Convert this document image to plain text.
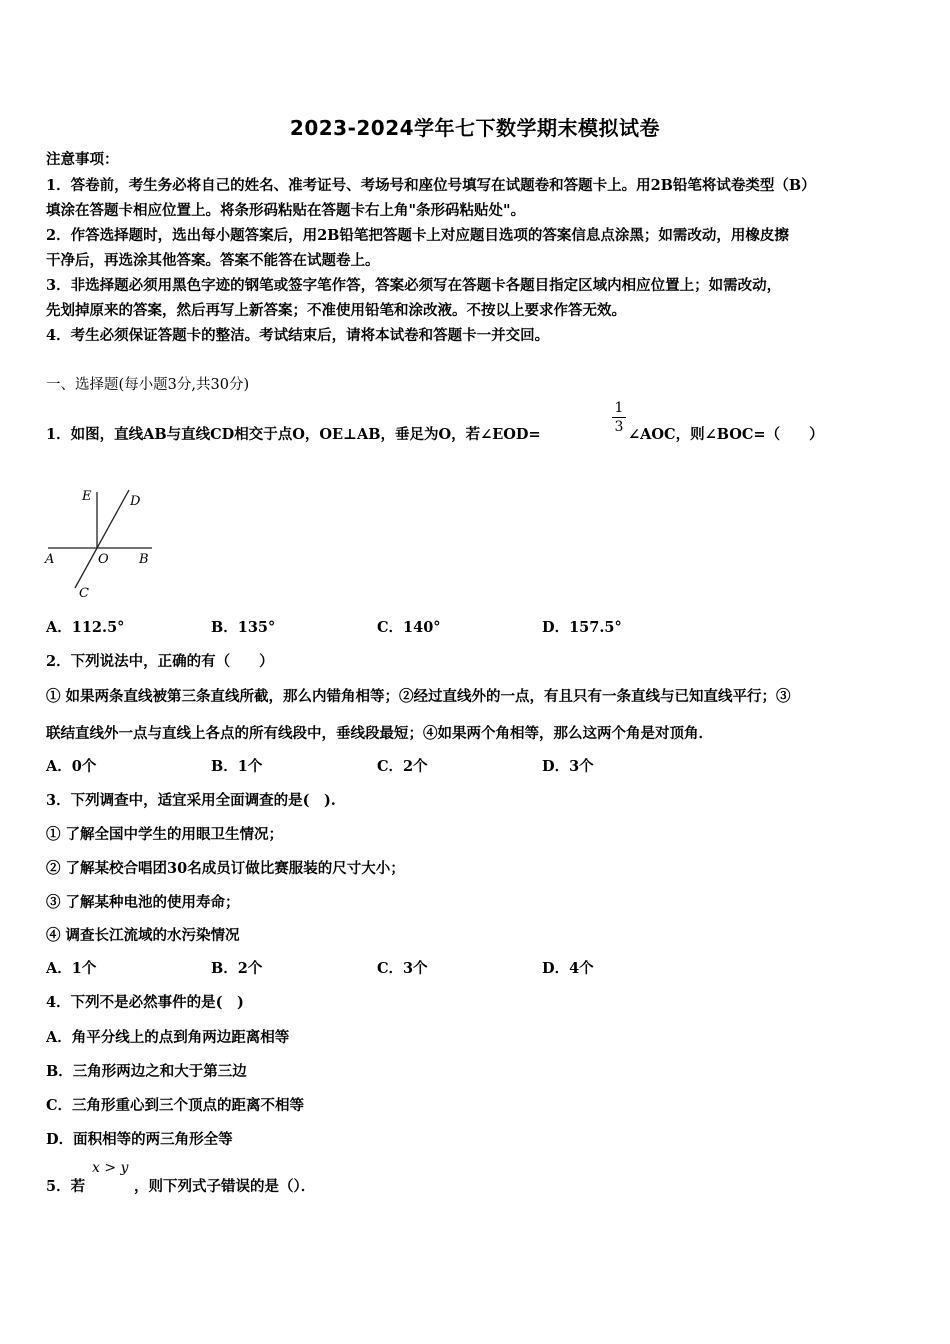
2023-2024学年七下数学期末模拟试卷
注意事项：
1．答卷前，考生务必将自己的姓名、准考证号、考场号和座位号填写在试题卷和答题卡上。用2B铅笔将试卷类型（B）
填涂在答题卡相应位置上。将条形码粘贴在答题卡右上角"条形码粘贴处"。
2．作答选择题时，选出每小题答案后，用2B铅笔把答题卡上对应题目选项的答案信息点涂黑；如需改动，用橡皮擦
干净后，再选涂其他答案。答案不能答在试题卷上。
3．非选择题必须用黑色字迹的钢笔或签字笔作答，答案必须写在答题卡各题目指定区域内相应位置上；如需改动，
先划掉原来的答案，然后再写上新答案；不准使用铅笔和涂改液。不按以上要求作答无效。
4．考生必须保证答题卡的整洁。考试结束后，请将本试卷和答题卡一并交回。
一、选择题(每小题3分,共30分)
1．如图，直线AB与直线CD相交于点O，OE⊥AB，垂足为O，若∠EOD=
1
3 ∠AOC，则∠BOC=（　　）
A	B
C
D
E
O
A．112.5°	B．135°	C．140°	D．157.5°
2．下列说法中，正确的有（　　）
① 如果两条直线被第三条直线所截，那么内错角相等；②经过直线外的一点，有且只有一条直线与已知直线平行；③
联结直线外一点与直线上各点的所有线段中，垂线段最短；④如果两个角相等，那么这两个角是对顶角．
A．0个	B．1个	C．2个	D．3个
3．下列调查中，适宜采用全面调查的是(　).
① 了解全国中学生的用眼卫生情况；
② 了解某校合唱团30名成员订做比赛服装的尺寸大小；
③ 了解某种电池的使用寿命；
④ 调查长江流域的水污染情况
A．1个	B．2个	C．3个	D．4个
4．下列不是必然事件的是(　)
A．角平分线上的点到角两边距离相等
B．三角形两边之和大于第三边
C．三角形重心到三个顶点的距离不相等
D．面积相等的两三角形全等
5．若
x > y
，则下列式子错误的是（）．
